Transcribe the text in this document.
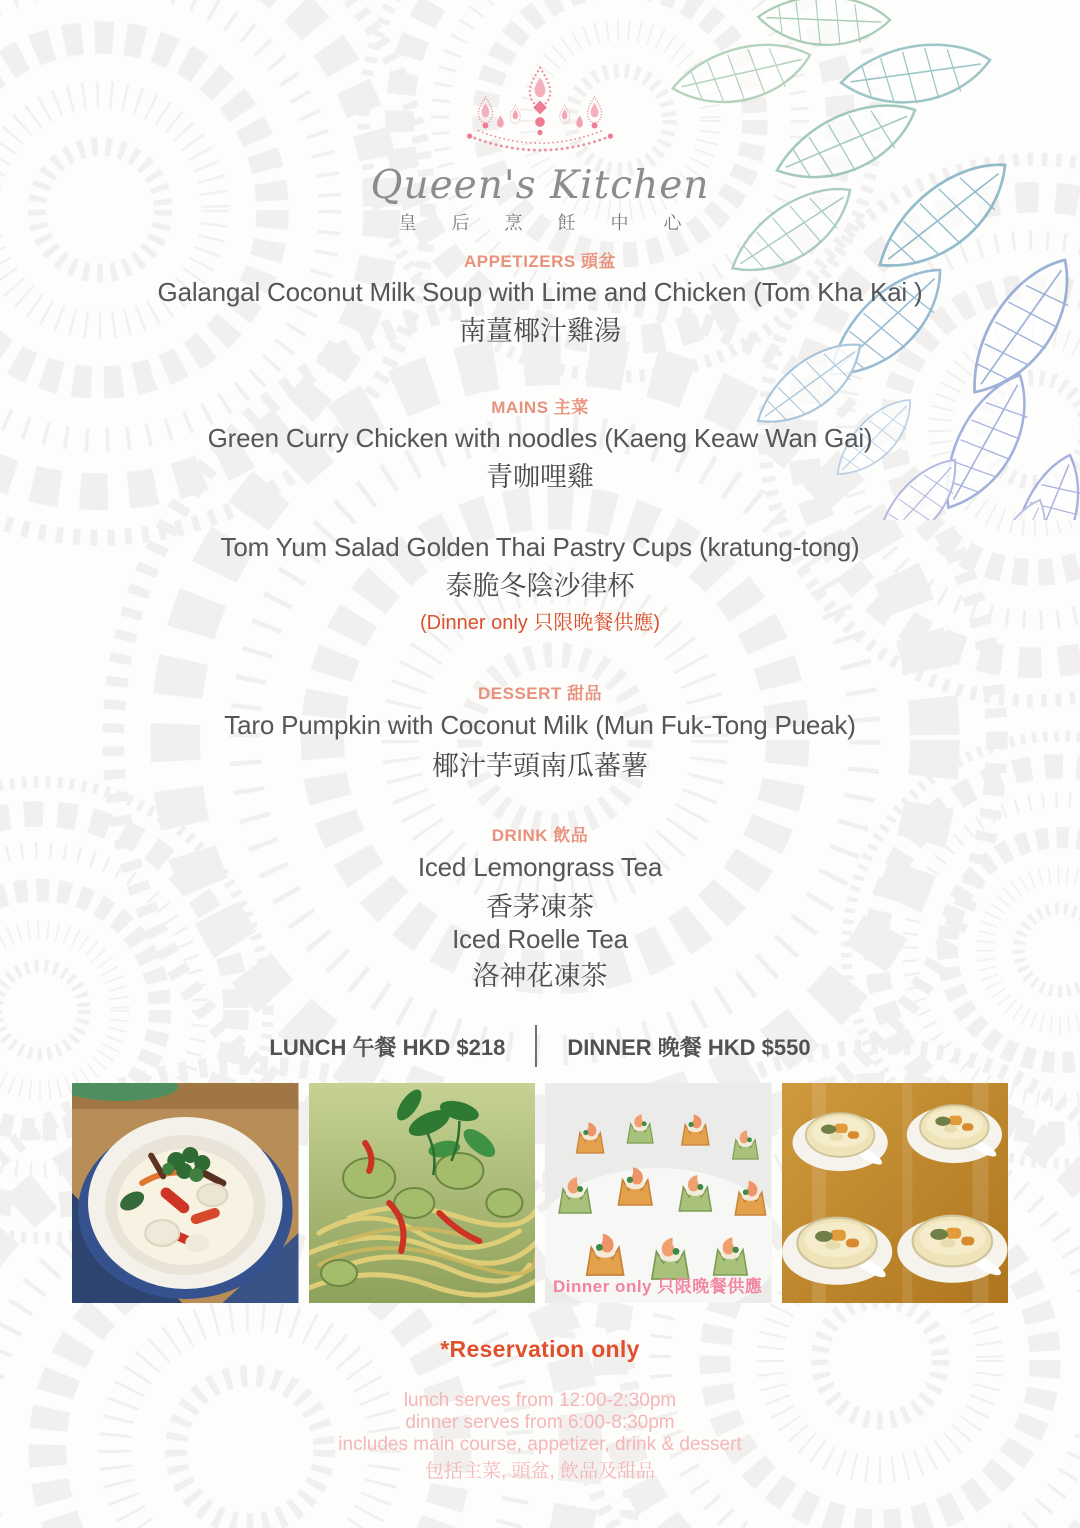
Queen's Kitchen
皇 后 烹 飪 中 心
APPETIZERS 頭盆
Galangal Coconut Milk Soup with Lime and Chicken (Tom Kha Kai )
南薑椰汁雞湯
MAINS 主菜
Green Curry Chicken with noodles (Kaeng Keaw Wan Gai)
青咖哩雞
Tom Yum Salad Golden Thai Pastry Cups (kratung-tong)
泰脆冬陰沙律杯
(Dinner only 只限晚餐供應)
DESSERT 甜品
Taro Pumpkin with Coconut Milk (Mun Fuk-Tong Pueak)
椰汁芋頭南瓜蕃薯
DRINK 飲品
Iced Lemongrass Tea
香茅凍茶
Iced Roelle Tea
洛神花凍茶
LUNCH 午餐 HKD $218	DINNER 晚餐 HKD $550
Dinner only 只限晚餐供應
*Reservation only
lunch serves from 12:00-2:30pm
dinner serves from 6:00-8:30pm
includes main course, appetizer, drink & dessert
包括主菜, 頭盆, 飲品及甜品
